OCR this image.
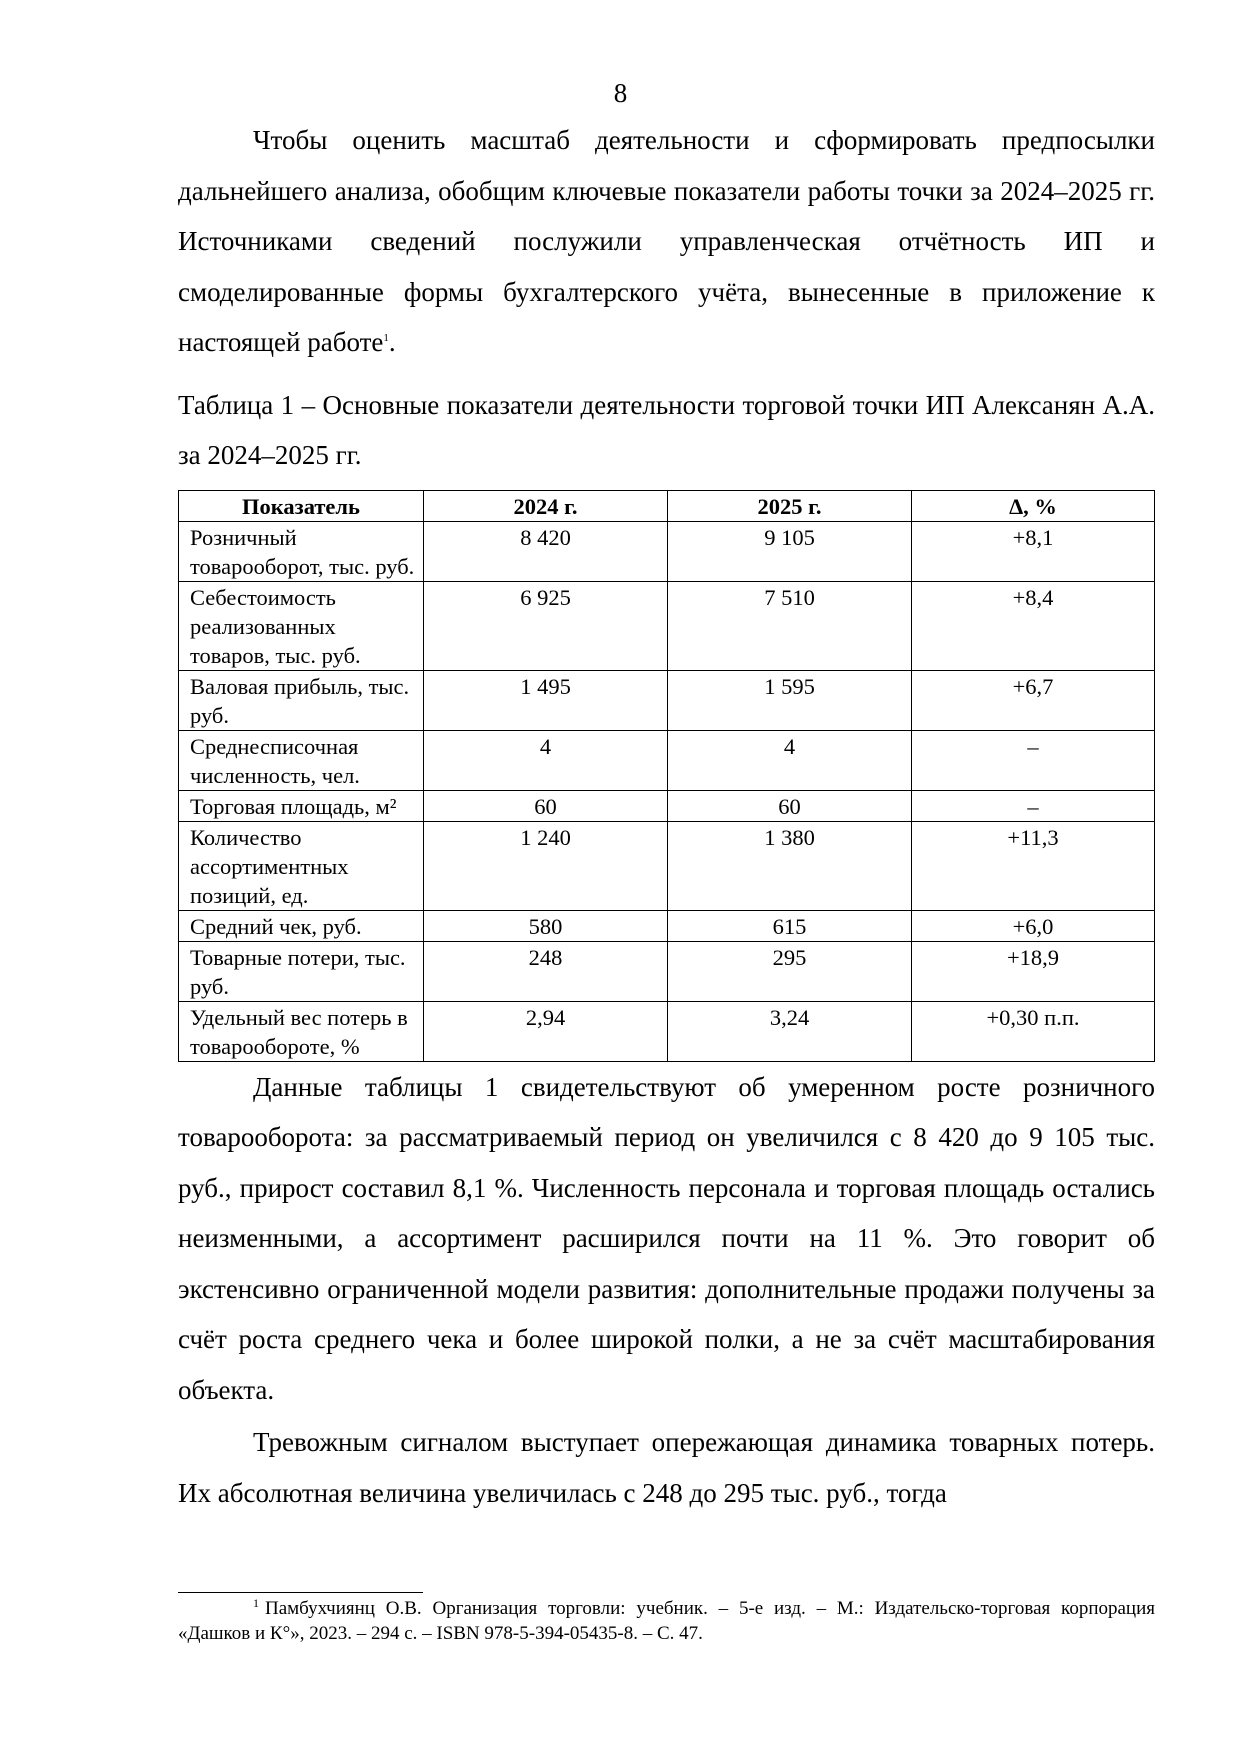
8

Чтобы оценить масштаб деятельности и сформировать предпосылки дальнейшего анализа, обобщим ключевые показатели работы точки за 2024–2025 гг. Источниками сведений послужили управленческая отчётность ИП и смоделированные формы бухгалтерского учёта, вынесенные в приложение к настоящей работе$^1$.

Таблица 1 – Основные показатели деятельности торговой точки ИП Алексанян А.А. за 2024–2025 гг.

Показатель	2024 г.	2025 г.	Δ, %
Розничный товарооборот, тыс. руб.	8 420	9 105	+8,1
Себестоимость реализованных товаров, тыс. руб.	6 925	7 510	+8,4
Валовая прибыль, тыс. руб.	1 495	1 595	+6,7
Среднесписочная численность, чел.	4	4	–
Торговая площадь, м²	60	60	–
Количество ассортиментных позиций, ед.	1 240	1 380	+11,3
Средний чек, руб.	580	615	+6,0
Товарные потери, тыс. руб.	248	295	+18,9
Удельный вес потерь в товарообороте, %	2,94	3,24	+0,30 п.п.

Данные таблицы 1 свидетельствуют об умеренном росте розничного товарооборота: за рассматриваемый период он увеличился с 8 420 до 9 105 тыс. руб., прирост составил 8,1 %. Численность персонала и торговая площадь остались неизменными, а ассортимент расширился почти на 11 %. Это говорит об экстенсивно ограниченной модели развития: дополнительные продажи получены за счёт роста среднего чека и более широкой полки, а не за счёт масштабирования объекта.

Тревожным сигналом выступает опережающая динамика товарных потерь. Их абсолютная величина увеличилась с 248 до 295 тыс. руб., тогда

$^1$ Памбухчиянц О.В. Организация торговли: учебник. – 5-е изд. – М.: Издательско-торговая корпорация «Дашков и К°», 2023. – 294 с. – ISBN 978-5-394-05435-8. – С. 47.
